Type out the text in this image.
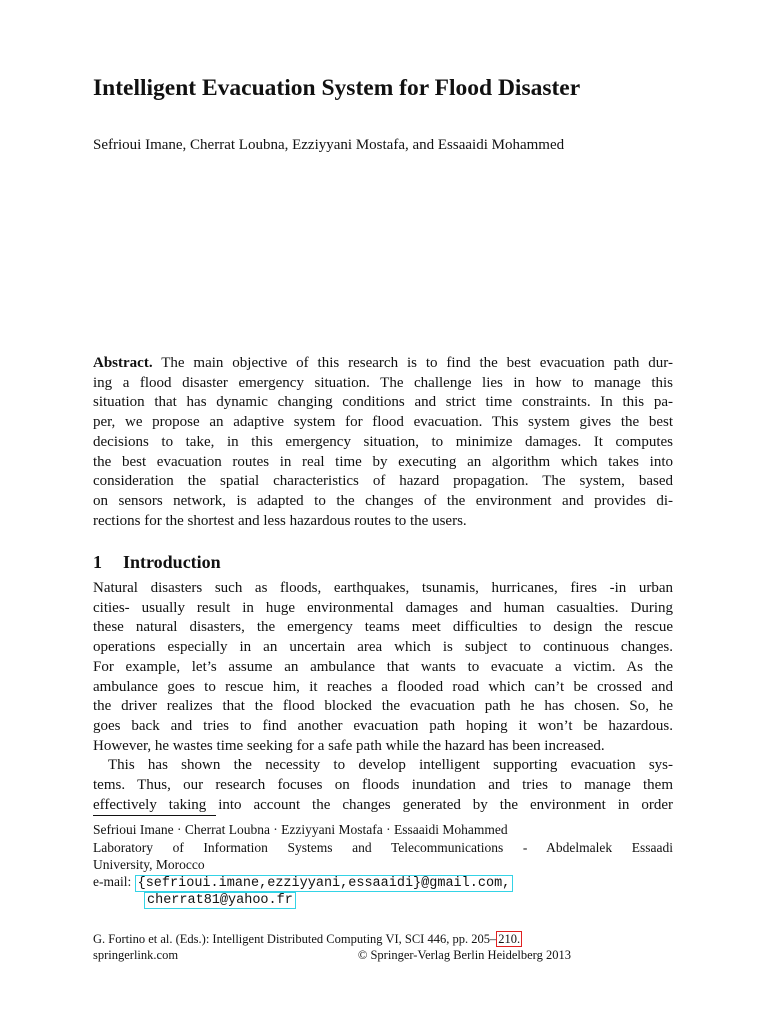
Intelligent Evacuation System for Flood Disaster

Sefrioui Imane, Cherrat Loubna, Ezziyyani Mostafa, and Essaaidi Mohammed

Abstract. The main objective of this research is to find the best evacuation path dur-

ing a flood disaster emergency situation. The challenge lies in how to manage this

situation that has dynamic changing conditions and strict time constraints. In this pa-

per, we propose an adaptive system for flood evacuation. This system gives the best

decisions to take, in this emergency situation, to minimize damages. It computes

the best evacuation routes in real time by executing an algorithm which takes into

consideration the spatial characteristics of hazard propagation. The system, based

on sensors network, is adapted to the changes of the environment and provides di-

rections for the shortest and less hazardous routes to the users.

1 Introduction

Natural disasters such as floods, earthquakes, tsunamis, hurricanes, fires -in urban

cities- usually result in huge environmental damages and human casualties. During

these natural disasters, the emergency teams meet difficulties to design the rescue

operations especially in an uncertain area which is subject to continuous changes.

For example, let’s assume an ambulance that wants to evacuate a victim. As the

ambulance goes to rescue him, it reaches a flooded road which can’t be crossed and

the driver realizes that the flood blocked the evacuation path he has chosen. So, he

goes back and tries to find another evacuation path hoping it won’t be hazardous.

However, he wastes time seeking for a safe path while the hazard has been increased.

This has shown the necessity to develop intelligent supporting evacuation sys-

tems. Thus, our research focuses on floods inundation and tries to manage them

effectively taking into account the changes generated by the environment in order

Sefrioui Imane · Cherrat Loubna · Ezziyyani Mostafa · Essaaidi Mohammed

Laboratory of Information Systems and Telecommunications - Abdelmalek Essaadi

University, Morocco

e-mail: {sefrioui.imane,ezziyyani,essaaidi}@gmail.com,
cherrat81@yahoo.fr
G. Fortino et al. (Eds.): Intelligent Distributed Computing VI, SCI 446, pp. 205– 210.
springerlink.com	© Springer-Verlag Berlin Heidelberg 2013
